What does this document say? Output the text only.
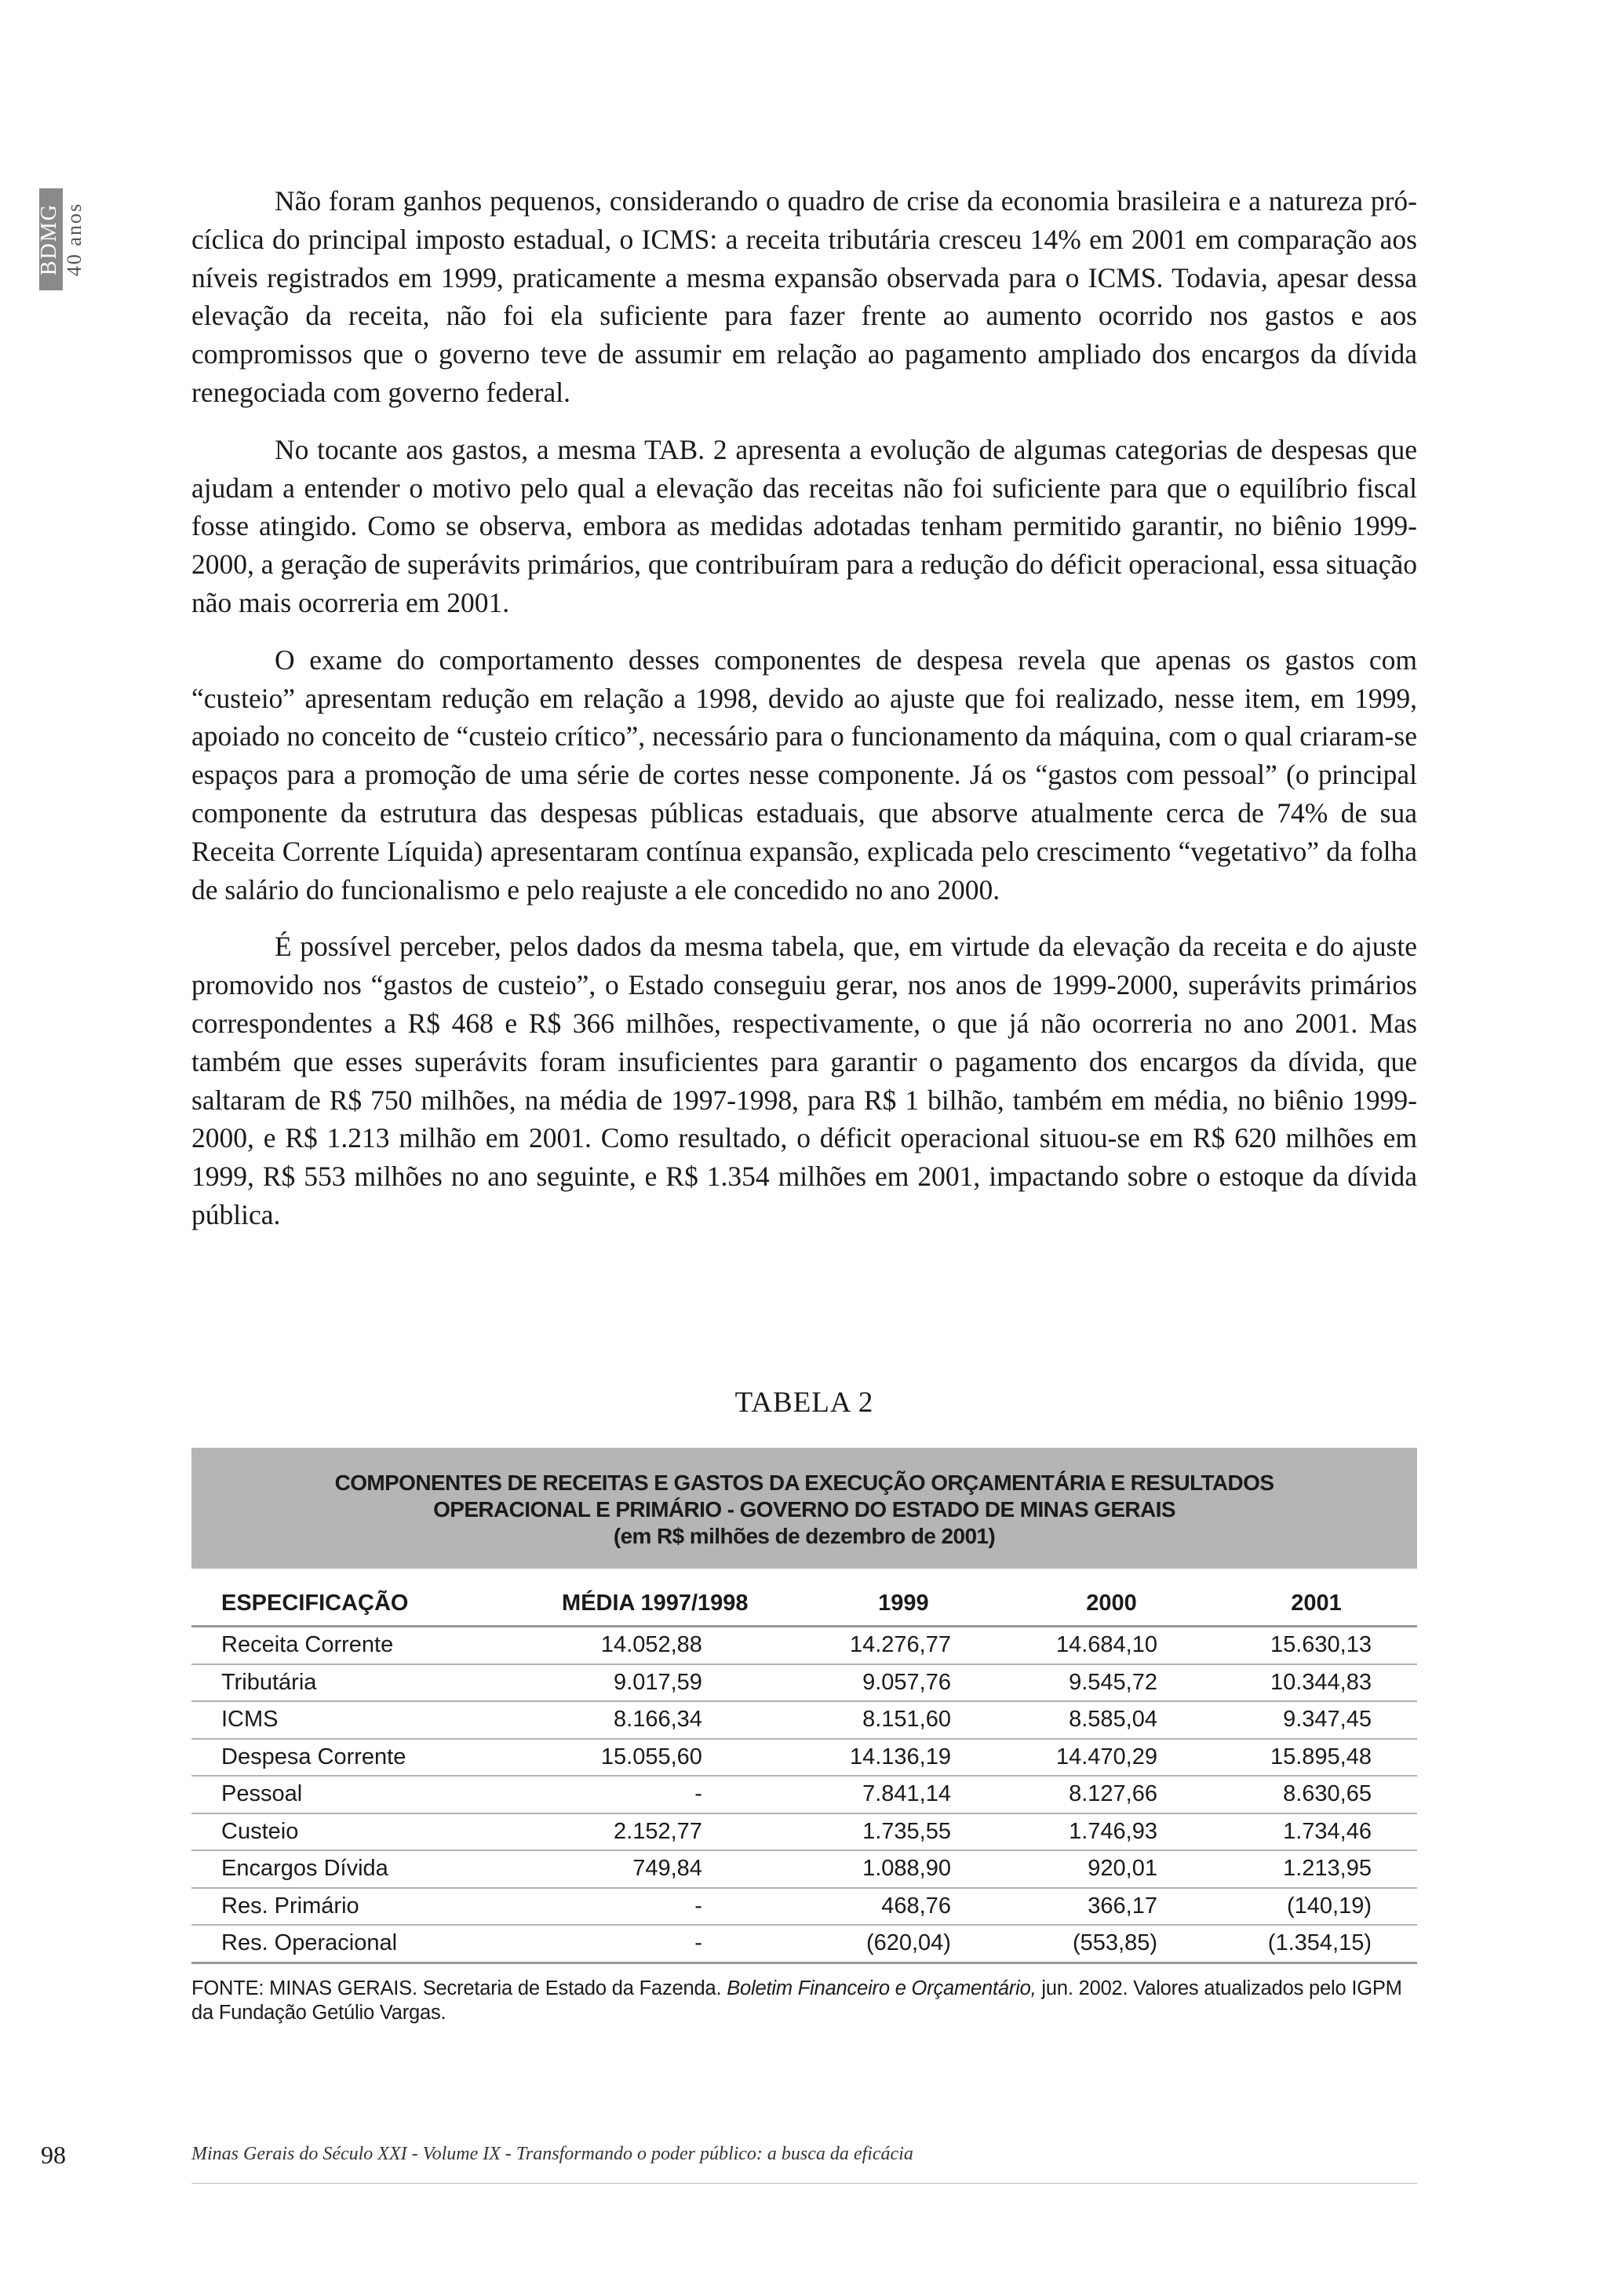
BDMG 40 anos

Não foram ganhos pequenos, considerando o quadro de crise da economia brasileira e a natureza pró-cíclica do principal imposto estadual, o ICMS: a receita tributária cresceu 14% em 2001 em comparação aos níveis registrados em 1999, praticamente a mesma expansão observada para o ICMS. Todavia, apesar dessa elevação da receita, não foi ela suficiente para fazer frente ao aumento ocorrido nos gastos e aos compromissos que o governo teve de assumir em relação ao pagamento ampliado dos encargos da dívida renegociada com governo federal.

No tocante aos gastos, a mesma TAB. 2 apresenta a evolução de algumas categorias de despesas que ajudam a entender o motivo pelo qual a elevação das receitas não foi suficiente para que o equilíbrio fiscal fosse atingido. Como se observa, embora as medidas adotadas tenham permitido garantir, no biênio 1999-2000, a geração de superávits primários, que contribuíram para a redução do déficit operacional, essa situação não mais ocorreria em 2001.

O exame do comportamento desses componentes de despesa revela que apenas os gastos com “custeio” apresentam redução em relação a 1998, devido ao ajuste que foi realizado, nesse item, em 1999, apoiado no conceito de “custeio crítico”, necessário para o funcionamento da máquina, com o qual criaram-se espaços para a promoção de uma série de cortes nesse componente. Já os “gastos com pessoal” (o principal componente da estrutura das despesas públicas estaduais, que absorve atualmente cerca de 74% de sua Receita Corrente Líquida) apresentaram contínua expansão, explicada pelo crescimento “vegetativo” da folha de salário do funcionalismo e pelo reajuste a ele concedido no ano 2000.

É possível perceber, pelos dados da mesma tabela, que, em virtude da elevação da receita e do ajuste promovido nos “gastos de custeio”, o Estado conseguiu gerar, nos anos de 1999-2000, superávits primários correspondentes a R$ 468 e R$ 366 milhões, respectivamente, o que já não ocorreria no ano 2001. Mas também que esses superávits foram insuficientes para garantir o pagamento dos encargos da dívida, que saltaram de R$ 750 milhões, na média de 1997-1998, para R$ 1 bilhão, também em média, no biênio 1999-2000, e R$ 1.213 milhão em 2001. Como resultado, o déficit operacional situou-se em R$ 620 milhões em 1999, R$ 553 milhões no ano seguinte, e R$ 1.354 milhões em 2001, impactando sobre o estoque da dívida pública.

TABELA 2
COMPONENTES DE RECEITAS E GASTOS DA EXECUÇÃO ORÇAMENTÁRIA E RESULTADOS
OPERACIONAL E PRIMÁRIO - GOVERNO DO ESTADO DE MINAS GERAIS
(em R$ milhões de dezembro de 2001)
ESPECIFICAÇÃO	MÉDIA 1997/1998	1999	2000	2001
Receita Corrente	14.052,88	14.276,77	14.684,10	15.630,13
Tributária	9.017,59	9.057,76	9.545,72	10.344,83
ICMS	8.166,34	8.151,60	8.585,04	9.347,45
Despesa Corrente	15.055,60	14.136,19	14.470,29	15.895,48
Pessoal	-	7.841,14	8.127,66	8.630,65
Custeio	2.152,77	1.735,55	1.746,93	1.734,46
Encargos Dívida	749,84	1.088,90	920,01	1.213,95
Res. Primário	-	468,76	366,17	(140,19)
Res. Operacional	-	(620,04)	(553,85)	(1.354,15)
FONTE: MINAS GERAIS. Secretaria de Estado da Fazenda. Boletim Financeiro e Orçamentário, jun. 2002. Valores atualizados pelo IGPM da Fundação Getúlio Vargas.
98	Minas Gerais do Século XXI - Volume IX - Transformando o poder público: a busca da eficácia
